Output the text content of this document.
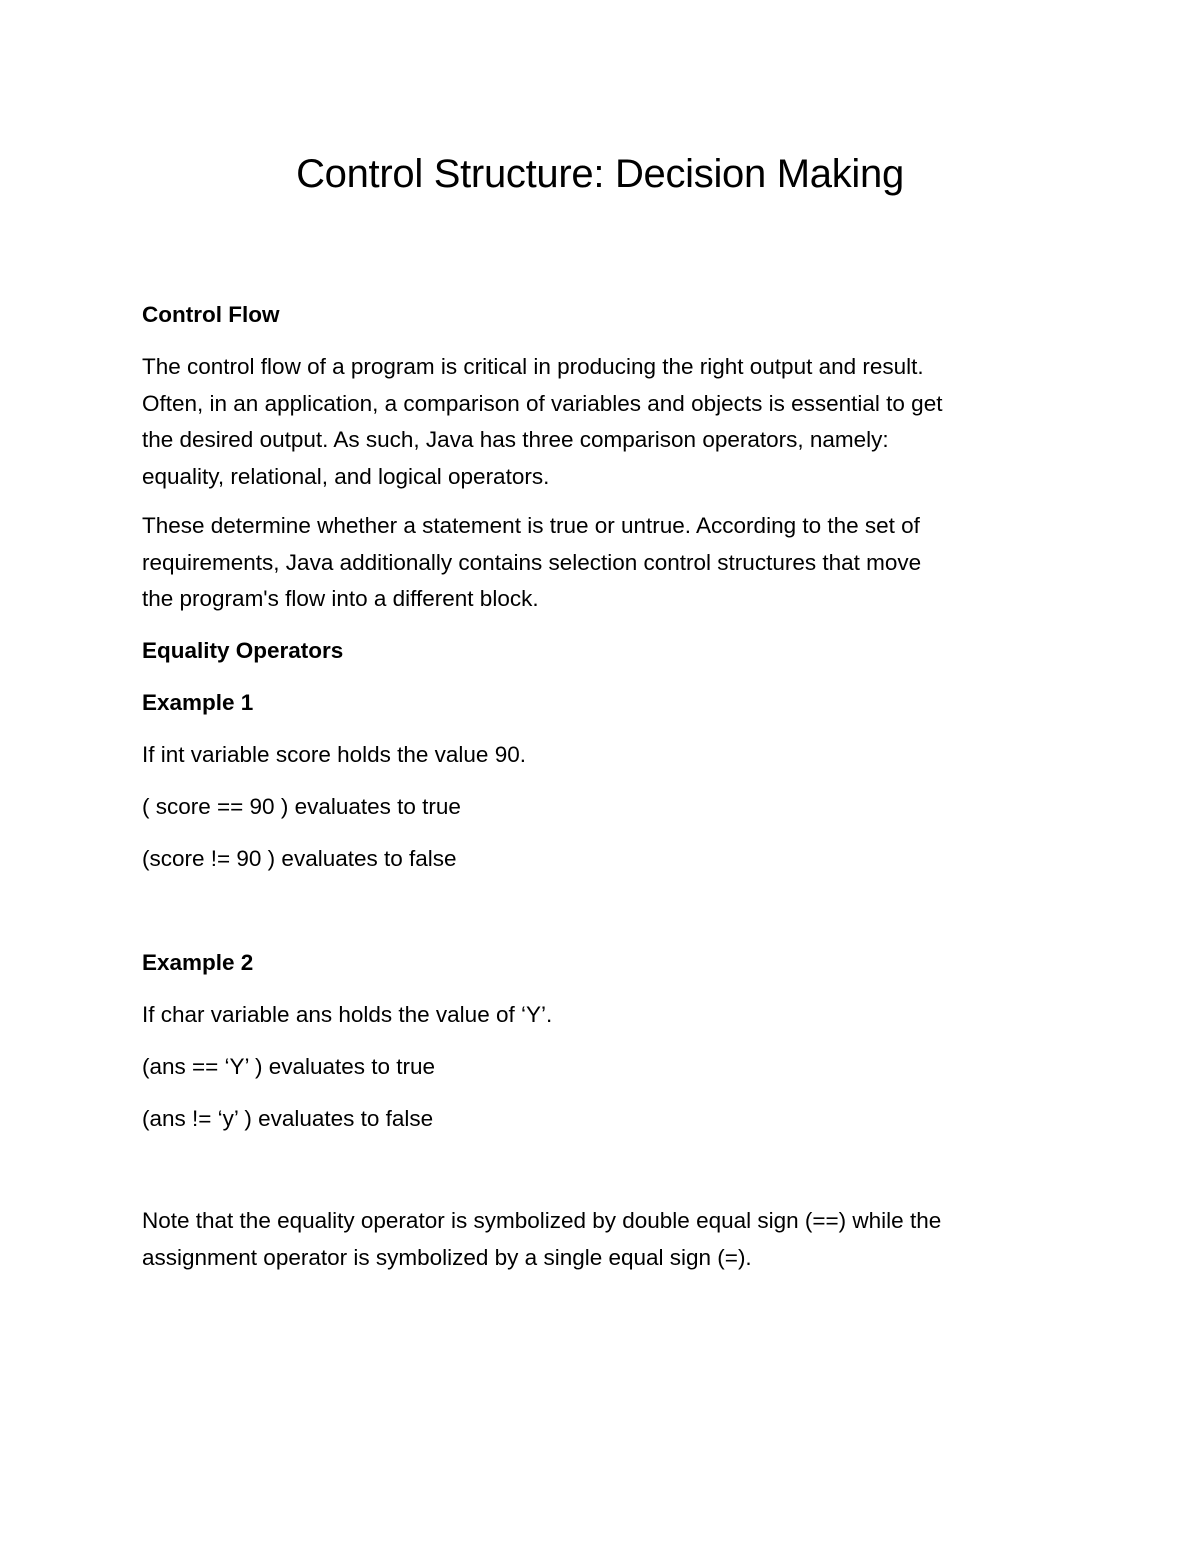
Control Structure: Decision Making

Control Flow

The control flow of a program is critical in producing the right output and result.
Often, in an application, a comparison of variables and objects is essential to get
the desired output. As such, Java has three comparison operators, namely:
equality, relational, and logical operators.

These determine whether a statement is true or untrue. According to the set of
requirements, Java additionally contains selection control structures that move
the program's flow into a different block.

Equality Operators

Example 1

If int variable score holds the value 90.

( score == 90 ) evaluates to true

(score != 90 ) evaluates to false

Example 2

If char variable ans holds the value of ‘Y’.

(ans == ‘Y’ ) evaluates to true

(ans != ‘y’ ) evaluates to false

Note that the equality operator is symbolized by double equal sign (==) while the
assignment operator is symbolized by a single equal sign (=).
